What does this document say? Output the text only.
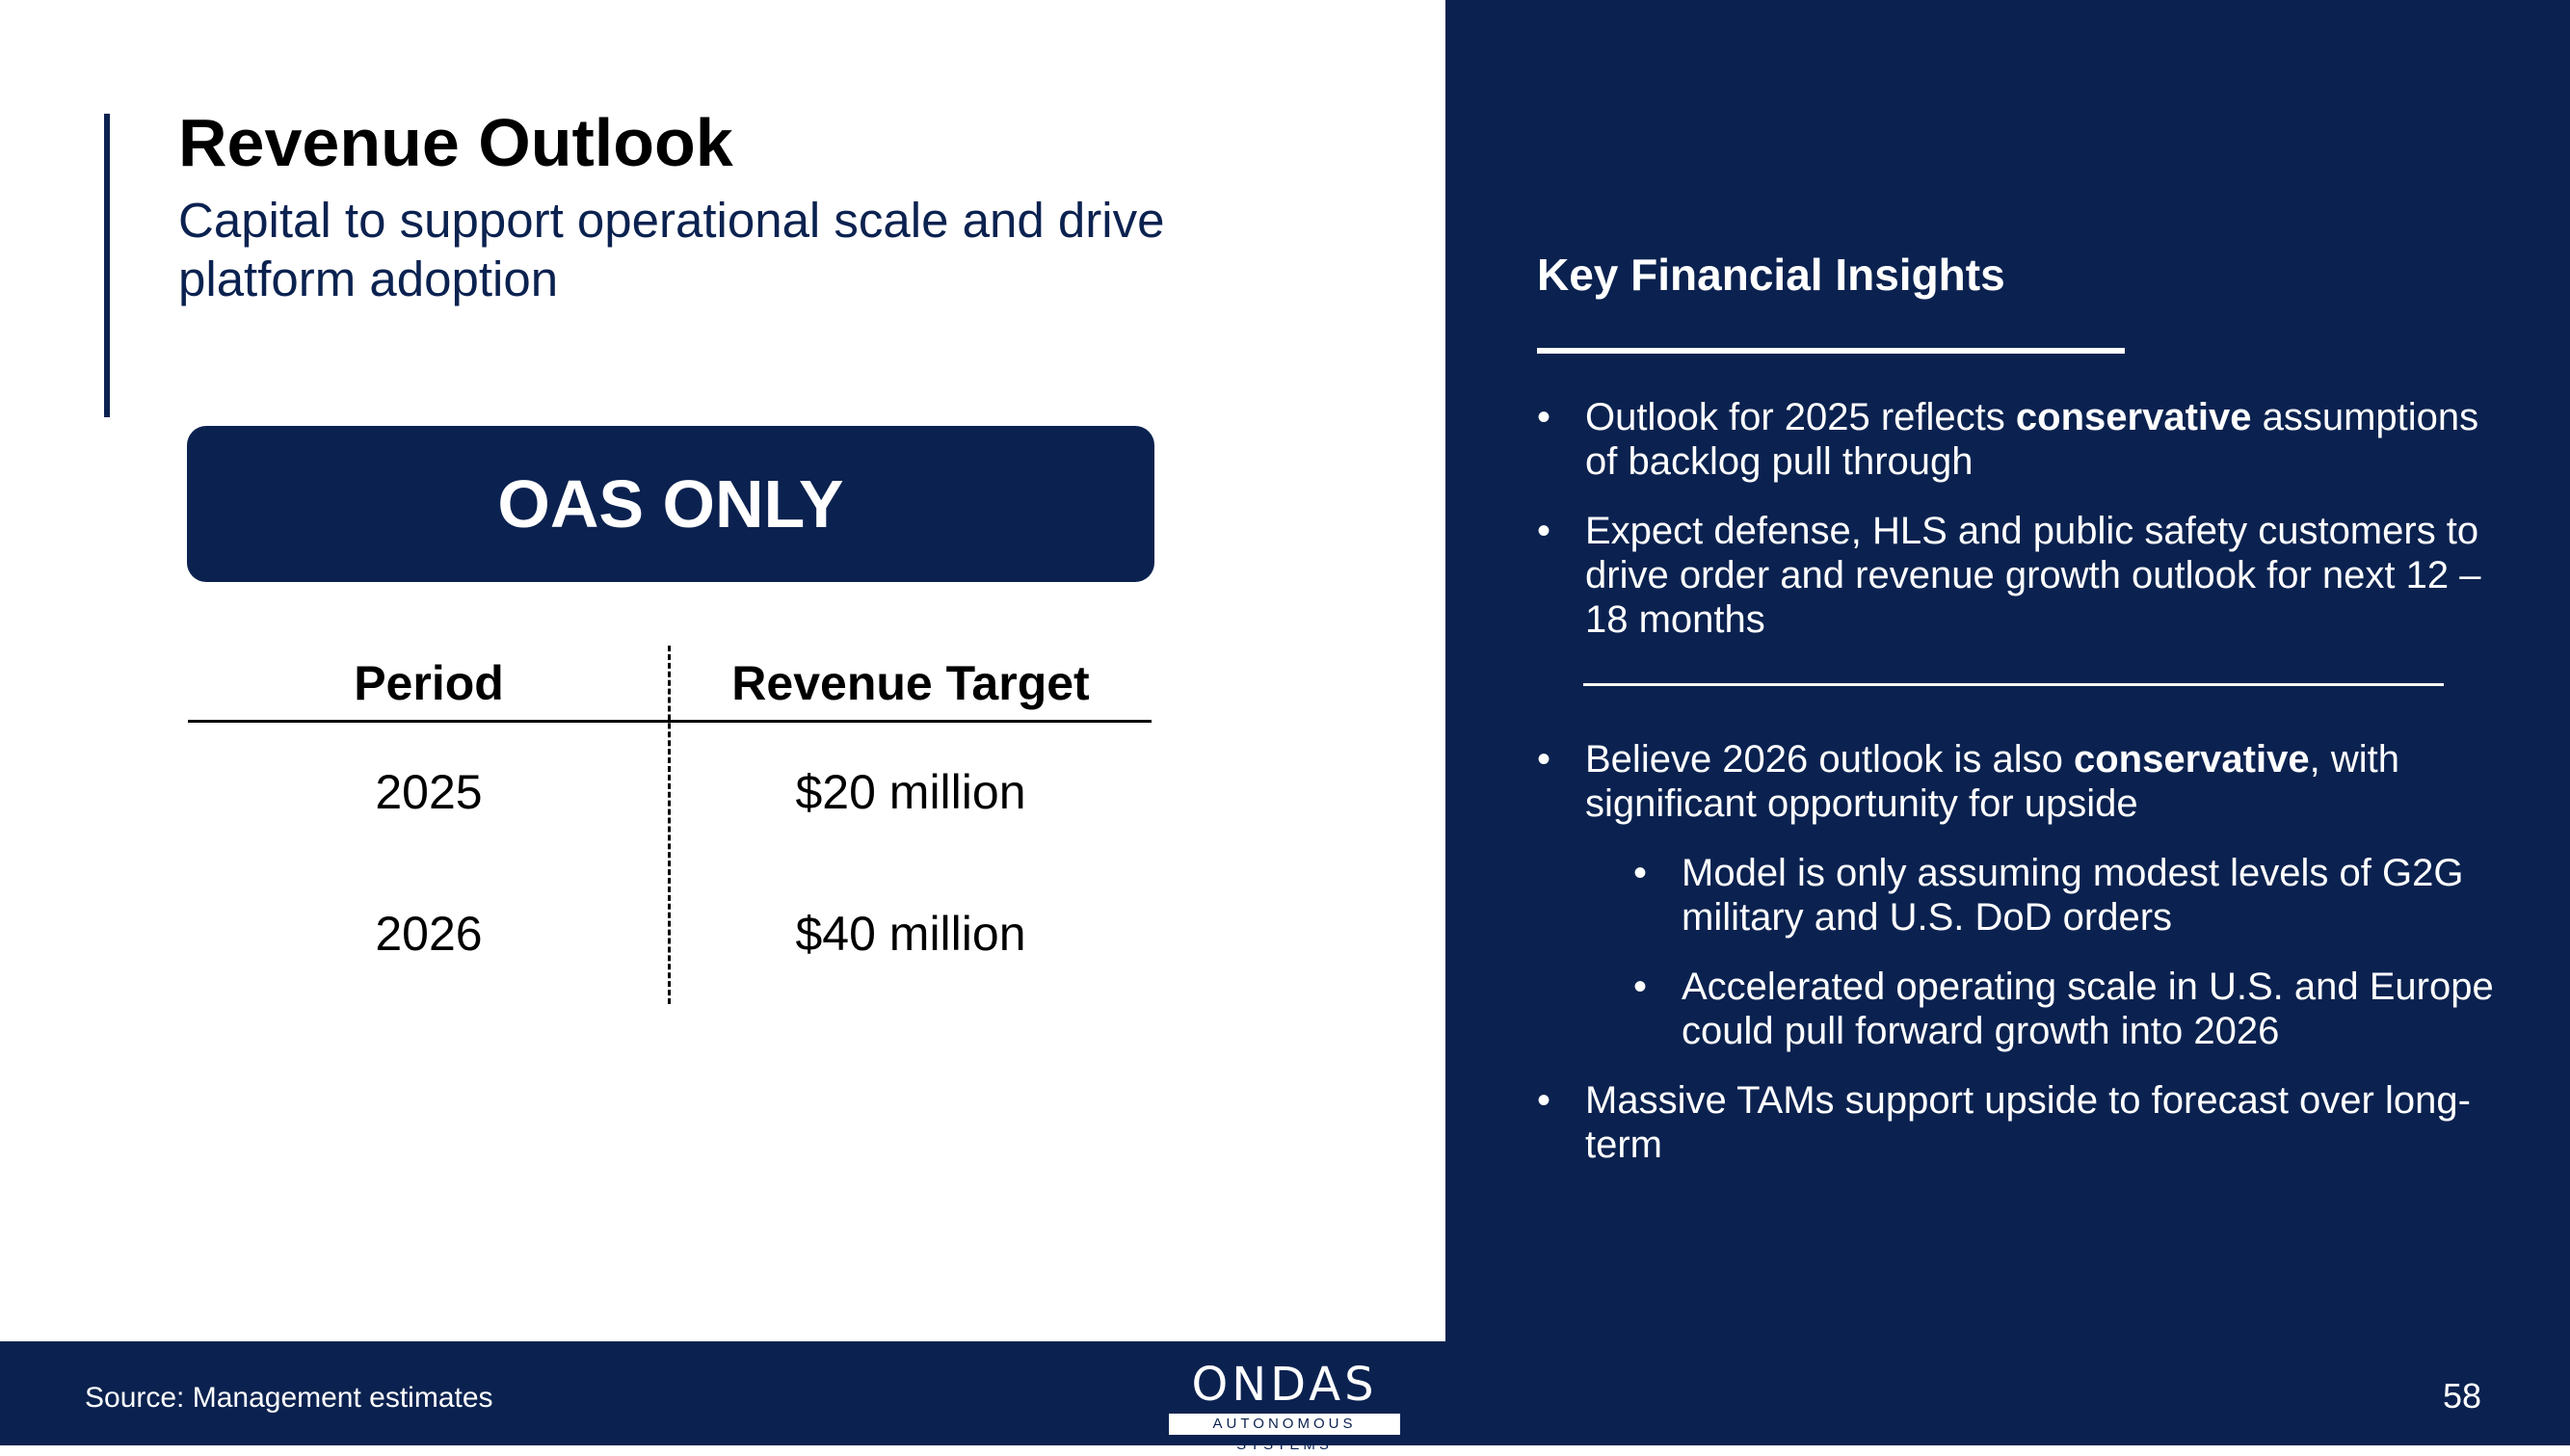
Revenue Outlook

Capital to support operational scale and drive platform adoption

OAS ONLY
Period	Revenue Target
2025	$20 million
2026	$40 million
Key Financial Insights
• Outlook for 2025 reflects conservative assumptions of backlog pull through
• Expect defense, HLS and public safety customers to drive order and revenue growth outlook for next 12 – 18 months
• Believe 2026 outlook is also conservative, with significant opportunity for upside
• Model is only assuming modest levels of G2G military and U.S. DoD orders
• Accelerated operating scale in U.S. and Europe could pull forward growth into 2026
• Massive TAMs support upside to forecast over long-term
Source: Management estimates	ONDAS
AUTONOMOUS SYSTEMS
58
